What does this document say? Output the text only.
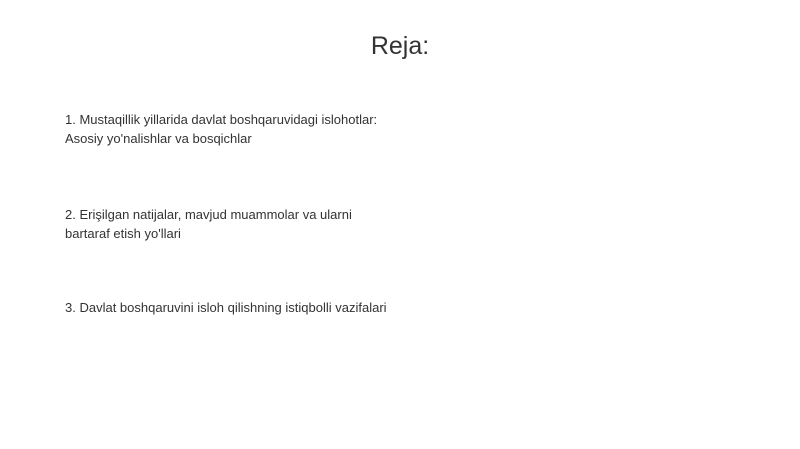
Reja:
1. Mustaqillik yillarida davlat boshqaruvidagi islohotlar:
Asosiy yo'nalishlar va bosqichlar
2. Erişilgan natijalar, mavjud muammolar va ularni
bartaraf etish yo'llari
3. Davlat boshqaruvini isloh qilishning istiqbolli vazifalari
